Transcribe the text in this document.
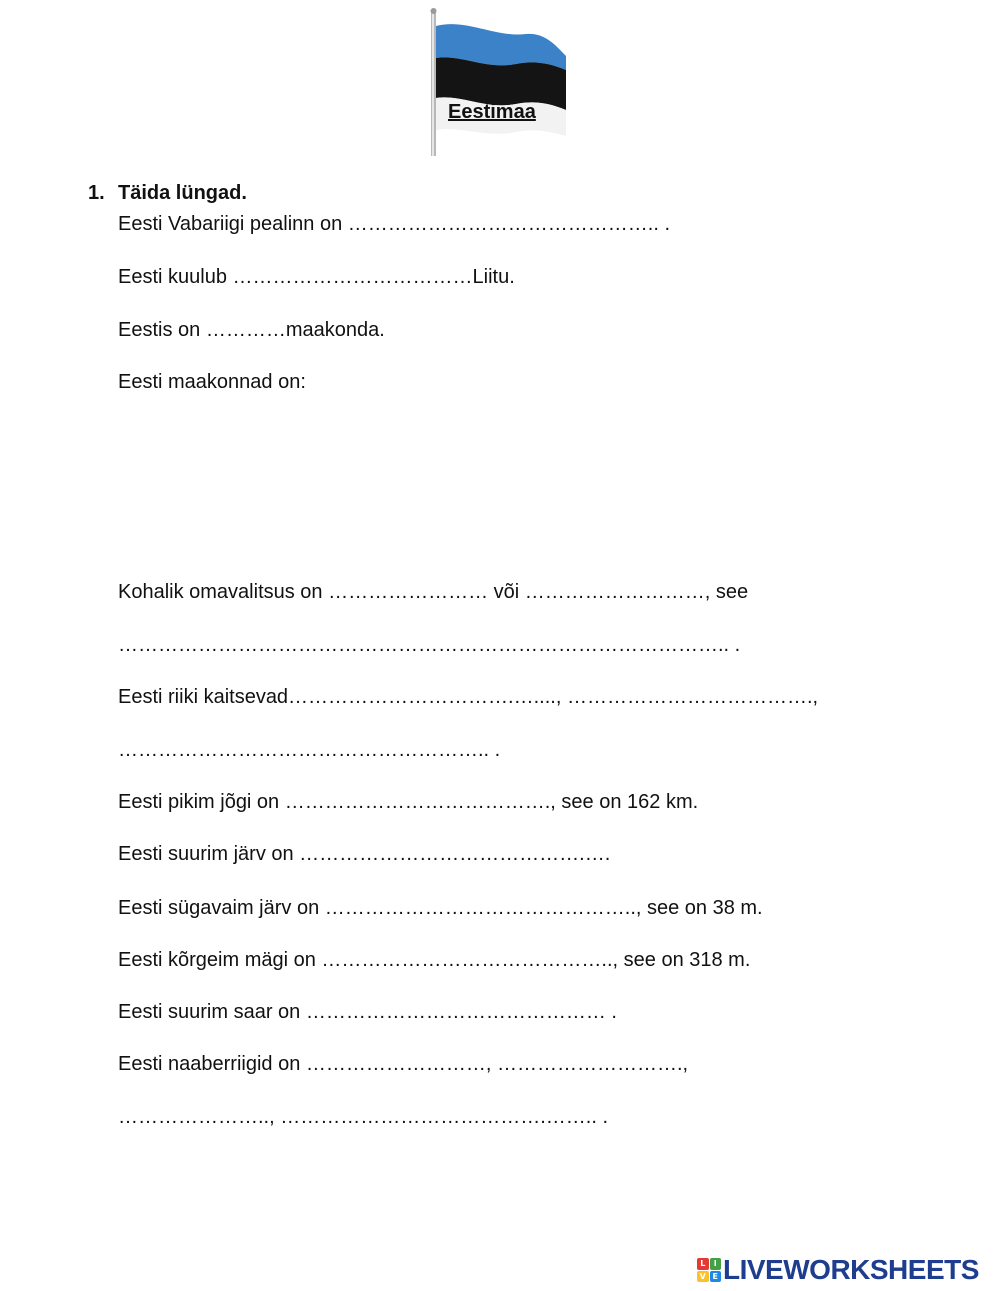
Eestimaa
1. Täida lüngad.
Eesti Vabariigi pealinn on ……………………………………….. .
Eesti kuulub ………………………………Liitu.
Eestis on …………maakonda.
Eesti maakonnad on:
Kohalik omavalitsus on …………………… või ………………………, see
……………………………………………………………………………….. .
Eesti riiki kaitsevad…………………………….…...., ……………………………….,
……………………………………………….. .
Eesti pikim jõgi on …………………………………., see on 162 km.
Eesti suurim järv on …………………………………….….
Eesti sügavaim järv on ……………………………………….., see on 38 m.
Eesti kõrgeim mägi on …………………………………….., see on 318 m.
Eesti suurim saar on ……………………………………… .
Eesti naaberriigid on ………………………, ……………………….,
………………….., ………………………………….…….. .
L	I
V E LIVEWORKSHEETS
